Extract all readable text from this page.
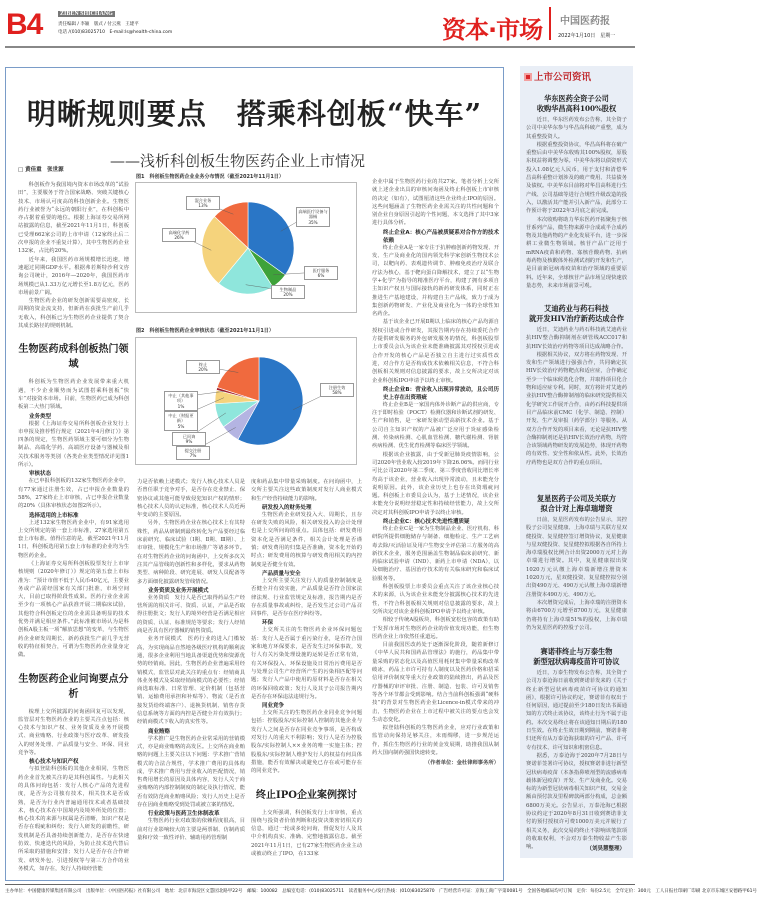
B4	ZIBEN SHICHANG
责任编辑 / 李颖　版式 / 付云燕　王建平
电话 /(010)83025710　E-mail:ls@health-china.com	资本·市场 中国医药报
2022年1月10日　星期一
明晰规则要点　搭乘科创板“快车”
——浅析科创板生物医药企业上市情况
□ 黄佳重　张世源

科创板作为我国境内资本市场改革的“试验田”，主要服务于符合国家战略、突破关键核心技术、市场认可度高的科技创新企业。生物医药行业被誉为“永远的朝阳行业”，在科创板中亦占据着重要的地位。根据上海证券交易所网站披露的信息，截至2021年11月1日，科创板已受理662家公司的上市申请（12家终止后二次申报的企业不重复计算），其中生物医药企业132家，占比约20%。

近年来，我国医药市场规模增长迅速，增速超过同期GDP水平。根据弗若斯特沙利文咨询公司统计，2016年—2020年，我国医药市场规模已从1.33万亿元增长至1.8万亿元，医药市场前景广阔。

生物医药企业的研发创新需要高密度、长周期的资金流支持，但新药在获批生产前几乎无收入，科创板已为生物医药企业提供了契合其成长路径的规则机制。

生物医药成科创板热门领域

科创板为生物医药企业发展带来重大机遇，不少企业顺势而为试图搭乘科创板“快车”对接资本市场。目前，生物医药已成为科创板第二大热门领域。

业务类型

根据《上海证券交易所科创板企业发行上市申报及推荐暂行规定（2021年4月修订）》第四条的规定，生物医药领域主要可细分为生物制品、高端化学药、高端医疗设备与器械及相关技术服务等类别（各类企业类型情况详见图1所示）。

审核状态

在已申报科创板的132家生物医药企业中，有77家通过注册生效，占已申报企业数量的58%，27家终止上市审核，占已申报企业数量的20%（具体审核状态如图2所示）。

选择适用的上市标准

上述132家生物医药企业中，有91家选用上交所规定的第一套上市标准，27家选用第五套上市标准。值得注意的是，截至2021年11月1日，科创板选用第五套上市标准的企业均为生物医药企业。

《上海证券交易所科创板股票发行上市审核规则（2020年修订）》规定的第五套上市标准为：“预计市值不低于人民币40亿元，主要业务或产品需经国家有关部门批准，市场空间大，目前已取得阶段性成果。医药行业企业需至少有一项核心产品获准开展二期临床试验，其他符合科创板定位的企业需具备明显的技术优势并满足相应条件。”此标准被市场认为是科创板A股主板一项“解放思想”的变革，与生物医药企业研发周期长、新药获批生产前几乎无营收的特征相契合，可谓为生物医药企业量身定做。

生物医药企业问询要点分析

梳理上交所披露的问询函回复可以发现，监管层对生物医药企业的主要关注点包括：核心技术与知识产权、业务资质及业务开展模式、商业贿赂、行业政策与医疗改革、研发投入的财务处理、产品质量与安全、环保、同业竞争等。

核心技术与知识产权

与拟登陆科创板的其他企业相同，生物医药企业首先被关注的是其科创属性。与此相关的具体问询包括：发行人核心产品的先进程度，是否为公司独有技术，相关技术是否成熟，是否为行业内普遍通用技术或者基础技术，核心技术在中国境内及境外所处的位置；核心技术的来源与权属是否清晰，知识产权是否存在瑕疵和纠纷；发行人研发的前瞻性，研发机制是否具备持续创新能力，是否存在快速仿效、快速迭代的风险，为防止技术迭代替后所采取的措施和安排；发行人是否存在合作研发、研发外包、引进授权等与第三方合作的业务模式，如存在，发行人持续经营能

力是否依赖上述模式；发行人核心技术人员是否曾任职于竞争对手，是否存在竞业禁止、保密协议或其他可能导致侵犯知识产权的情形；核心技术人员的认定标准，核心技术人员近两年变动的主要原因。

另外，生物医药企业在核心技术上有其特殊性，药品从研制到最终转化为产品要经过临床前研究、临床试验（Ⅰ期、Ⅱ期、Ⅲ期）、上市审批、规模化生产和市场推广等诸多环节。在对生物医药企业的问询函中，上交所多次关注其产品管线的创新性和多样化，要求从药物类型、病种阶段、研究进展、研发人员配备等多方面细化披露研发管线情况。

业务资质及业务开展模式

业务资质　发行人是否已取得药品生产经营所需的相关许可、资质、认证，产品是否取得注册批文；发行人的境外经营是否满足相应的资质、认证、标准规范等要求；发行人经销商是否具有医疗器械的销售资质。

业务开展模式　医药行业的进入门槛较高，为实现商品自然地各级医疗机构的顺利流通，很多企业利用当地具备渠道优势和资源优势的经销商。因此，生物医药企业普遍采用经销模式，监管层对此关注的重点有：经销商具体业务模式及采取经销商模式的必要性；经销商选取标准、日常管理、定价机制（包括营销、运输费用承担和补贴等）、物流（是否直接发货给终端客户）、退换货机制、销售存货信息系统等方面的内控是否健全并有效执行；经销商模式下收入的真实性等。

商业贿赂

学术推广是生物医药企业常采用的营销模式，亦是商业贿赂的高发区。上交所在商业贿赂的问题上主要关注以下问题：学术推广营销模式的合法合规性，学术推广费用的具体构成，学术推广费用与营业收入的匹配情况，销售费用增长的原因及具体内容，发行人关于商业贿赂的内部控制制度的制定及执行情况，能否有效防范商业贿赂风险；发行人历史上是否存在因商业贿赂受到处罚或被立案的情况。

行业政策与医药卫生体制改革

生物医药行业对政策的依赖程度很高，目前对行业影响较大的主要是两票制、仿制药质量和疗效一致性评价、辅助用药管理制

度和药品集中带量采购制度。在问询函中，上交所主要关注这些政策制度对发行人商业模式和生产经营持续能力的影响。

研发投入的财务处理

生物医药企业研发投入大、周期长，且存在研发失败的风险，相关研发投入的会计处理也是上交所问询的重点。具体包括：研发费用资本化是否满足条件，相关会计处理是否谨慎；研发费用的归集是否准确，资本化开始的时点；研发费用的核算与研发费用相关的内控制度是否健全有效。

产品质量与安全

上交所主要关注发行人的质量控制制度是否健全并有效实施，产品质量是否符合国家法律法规、行业监管规定及标准，报告期内是否存在质量事故或纠纷，是否发生过公司产品召回事件，是否存在医疗纠纷等。

环保

上交所关注的生物医药企业环保问题包括：发行人是否属于重污染行业，是否符合国家和地方环保要求，是否发生过环保事故，发行人有关污染处理设施的运转是否正常有效，有关环保投入、环保设施及日常治污费用是否与处理公司生产经营所产生的污染相匹配等问题；发行人产品中使用的原材料是否存在相关的环保回收政策；发行人及其子公司报告期内是否存在环保违法违规行为。

同业竞争

上交所关注的生物医药企业同业竞争问题包括：控股股东/实际控制人控制的其他企业与发行人之间是否存在同业竞争事项，是否构成对发行人的重大不利影响；发行人是否为控股股东/实际控制人××业务的唯一实施主体；控股股东/实际控制人维护发行人的权益有何具体措施，能否有效解决或避免已存在或可能存在的同业竞争。

终止IPO企业案例探讨

上交所强调，科创板发行上市审核，重点围绕与投资者价值判断和投资决策密切相关的信息，通过一轮或多轮问询，督促发行人及其中介机构真实、准确、完整地披露信息。截至2021年11月1日，已有27家生物医药企业主动或被动终止了IPO，在133家

企业中属于生物医药行业的共27家。笔者分析上交所就上述企业出具的审核问询函及终止科创板上市审核的决定（如有），试图厘清这些企业终止IPO的原因。这些问题涵盖了生物医药企业需关注的共性问题和个别企业自身原因引起的个性问题，本文选择了其中3家进行具体分析。

终止企业A：核心产品被质疑系对合作方的技术依赖

终止企业A是一家专注于抗肿瘤创新药物发现、开发、生产及商业化的国内领先科学家创新生物技术公司，以靶向药、表观遗传调节、肿瘤免疫治疗及联合疗法为核心，基于靶向蛋白降解技术，建立了以“生物学+化学”为指导的精准医疗平台，构建了拥有多项自主知识产权且与国际接轨的新药研发体系，同时正在推进生产基地建设，并构建自主产品线，致力于成为集创新药物研发、产业化及商业化为一体的全球性知名药企。

基于该企业已开展Ⅱ期以上临床的核心产品均源自授权引进或合作研发，其报告期内存在持续委托合作方提供研发服务的外包研发服务的情况，科创板股票上市委员会认为该企业未能准确披露其对授权引进或合作开发的核心产品是否独立自主进行过实质性改进，对合作方是否构成技术依赖相关信息，不符合科创板相关规则对信息披露的要求，故上交所决定对该企业科创板IPO申请予以终止审核。

终止企业B：营业收入出现异常波动，且公司历史上存在出资瑕疵

终止企业B是一家国内体外诊断产品的供应商，专注于即时检验（POCT）检测仪器和诊断试剂的研发、生产和销售，是一家研发驱动型高新技术企业。基于公司自主知识产权的产品被广泛应用于炎症感染检测、传染病检测、心肌血管检测、糖代谢检测、肾脏疾病检测、优生优育检测等临床医学领域。

根据该企业披露，由于受新冠肺炎疫情影响，公司2020年营业收入较2019年下降26.06%。而同行业可比公司2020年第二季度、第三季度营收同比增长率均高于该企业，营业收入出现异常波动，且未能充分说明原因。此外，该企业历史上也存在出资瑕疵问题。科创板上市委员会认为，基于上述情况，该企业未能充分说明经营稳定性和持续经营能力，故上交所决定对其科创板IPO申请予以终止审核。

终止企业C：核心技术先进性遭质疑

终止企业C是一家为生物制品企业、医疗机构、科研院所提供细胞储存与制备、细胞检定、生产工艺病毒去除/灭活验证及用户生物安全评估第三方服务的高新技术企业，服务范围涵盖生物制品临床前研究、新药临床试验申请（IND）、新药上市申请（NDA），以及细胞治疗、基因治疗技术的有关临床研究和临床试验服务等。

科创板股票上市委员会重点关注了该企业核心技术的来源，认为该企业未能充分披露核心技术的先进性，不符合科创板相关规则对信息披露的要求，故上交所决定对该企业科创板IPO申请予以终止审核。

相较于传统A股板块，科创板宽松包容的政策有助于发挥市场对生物医药企业的价值发现功能，但生物医药企业上市依然任重道远。

目前我国医改药处于逐渐深化阶段，随着新修订《中华人民共和国药品管理法》的施行，药品集中带量采购的常态化以及高值医用耗材集中带量采购改革破冰，药品上市许可持有人制度以及医药价格和招采信用评价制度等重大行业政策的陆续推出，药品及医疗器械的审评审批、注册、制造、包装、许可及销售等各个环节都会受到影响。结合当前科创板强调“硬科技”的背景对生物医药企业Licence-in模式带来的冲击，生物医药企业在上市过程中被关注的要点也会发生动态变化。

拟登陆科创板的生物医药企业，应对行业政策和监管动向保持足够关注，未雨绸缪，进一步规范运作，抓住生物医药行业的黄金发展期，助推我国从制药大国向制药强国快速转变。

（作者单位：金杜律师事务所）
图1　科创板生物医药企业业务分布情况（截至2021年11月1日）
高端医疗设备与器械
35%
医疗服务
6%
生物制品
20%
高端化学药
26%
混合业务
13%
图2　科创板生物医药企业审核状态（截至2021年11月1日）
注册生效
58%
提交注册
7%
已问询
9%
中止（财报更新）
5%
中止（其他事项）
1%
终止
20%
上市公司资讯
华东医药全资子公司
收购华昌高科100%股权

近日，华东医药发布公告称，其全资子公司中美华东参与华昌高科破产重整，成为其重整投资人。

根据重整投资协议，华昌高科将在破产重整后由中美华东收购其100%股权，原股东权益将调整为零。中美华东将以债资形式投入1.08亿元人民币，用于支付和清偿华昌高科重整计划涉及的破产费用、共益债务及债权。中美华东目前将对华昌高科进行生产线、公司基础等进行合规性升级改造的投入，以激活其产能并引入新产品，此部分工作预计将于2022年3月底之前完成。

本次收购将助力华东医药开拓聚焦于核苷系列产品，微生物来源中合成或半合成药物及其他药物的产业化发展平台，进一步深耕工业微生物领域。核苷产品广泛用于mRNA疫苗和药物、寡核苷酸药物、抗病毒药物及核酸体外检测试剂的开发和生产，是目前新冠病毒疫苗和治疗领域的重要原料。近年来，全球核苷产品市场呈现快速放量态势，未来市场前景可观。

艾迪药业与药石科技
就开发HIV治疗新药达成合作

近日，艾迪药业与药石科技就艾迪药业抗HIV整合酶抑制剂在研管线ACC017和抗HIV长效治疗药物等项目达成战略合作。

根据相关协议，双方将在药物发现、开发和生产领域进行强强合作，共同确定抗HIV长效治疗药物靶点和适应症，合作确定至少一个临床候选化合物，并取得项目化合物和适应症专利。同时，双方将针对艾迪药业抗HIV整合酶抑制剂的临床研究提供相关化学研究工作展开合作，由药石科技提供项目产品临床前CMC（化学、制造、控制）开发、生产及审报（药学部分）等服务。从双方合作开发的项目来看，无论是抗HIV整合酶抑制剂还是抗HIV长效治疗药物，均符合该领域药物研发的发展趋势，体现开药物的有效性、安全性和依从性。此外，长效治疗药物也是双方合作的重点项目。

复星医药子公司及关联方
拟合计对上海卓瑞增资

日前，复星医药发布的公告显示，其控股子公司复星健康、上海卓瑞与关联方星双健投资、复星健控签订增资协议，复星健康与星双健投资、复星健控拟根据各自所持上海卓瑞股权比例合计出资2000万元对上海卓瑞进行增资。其中，复星健康拟出资1020万元认缴上海卓瑞新增注册资本1020万元，星双健投资、复星健控拟分别出资490万元、490万元认缴上海卓瑞新增注册资本490万元、490万元。

本次增资完成后，上海卓瑞的注册资本将由6700万元增至8700万元，复星健康仍将持有上海卓瑞51%的股权，上海卓瑞仍为复星医药的控股子公司。

赛诺菲终止与万泰生物
新型冠状病毒疫苗许可协议

近日，万泰生物发布公告称，其全资子公司万泰沧海日前收到赛诺菲发来的《关于终止新型冠状病毒疫苗许可协议的通知函》，根据许可协议约定，赛诺菲有权出于任何原因，通过提前至少180日发出书面通知的方式终止该协议，该终止行为不属于违约。本次交易终止将在该通知日期后的180日生效。在终止生效日期到期前，赛诺菲将归还所有从万泰沧海获取的许可产品、许可专有技术、许可知识和机密信息。

据悉，万泰沧海于2020年7月28日与赛诺菲签署许可协议，授权赛诺菲进行新型冠状病毒疫苗（本条指鼻喷剂型的流感病毒载体新冠疫苗）开发、生产及商业化。交易标的为新型冠状病毒相关知识产权，交易金额由预付款及里程碑款两部分构成，总金额6800万美元。公告显示，万泰沧海已根据协议约定于2020年8月31日收到赛诺菲支付的预付授权许可费1000万美元并履行了相关义务，此次交易的终止不影响该笔款项的收取权利，不会对万泰生物收益产生影响。	（刘昊慧整理）
主办单位：中国健康传媒集团有限公司　出版单位：《中国医药报》社有限公司　地址：北京市海淀区文慧园北路甲22号　邮编：100082　总编室电话：(010)83025711　读者服务中心/发行热线：(010)83025870　广告经营许可证：京海工商广字第0081号　全国各地邮局均可订阅　定价：每份2.5元　全年定价：300元　工人日报社印刷厂印刷 北京市东城区安德路甲61号
